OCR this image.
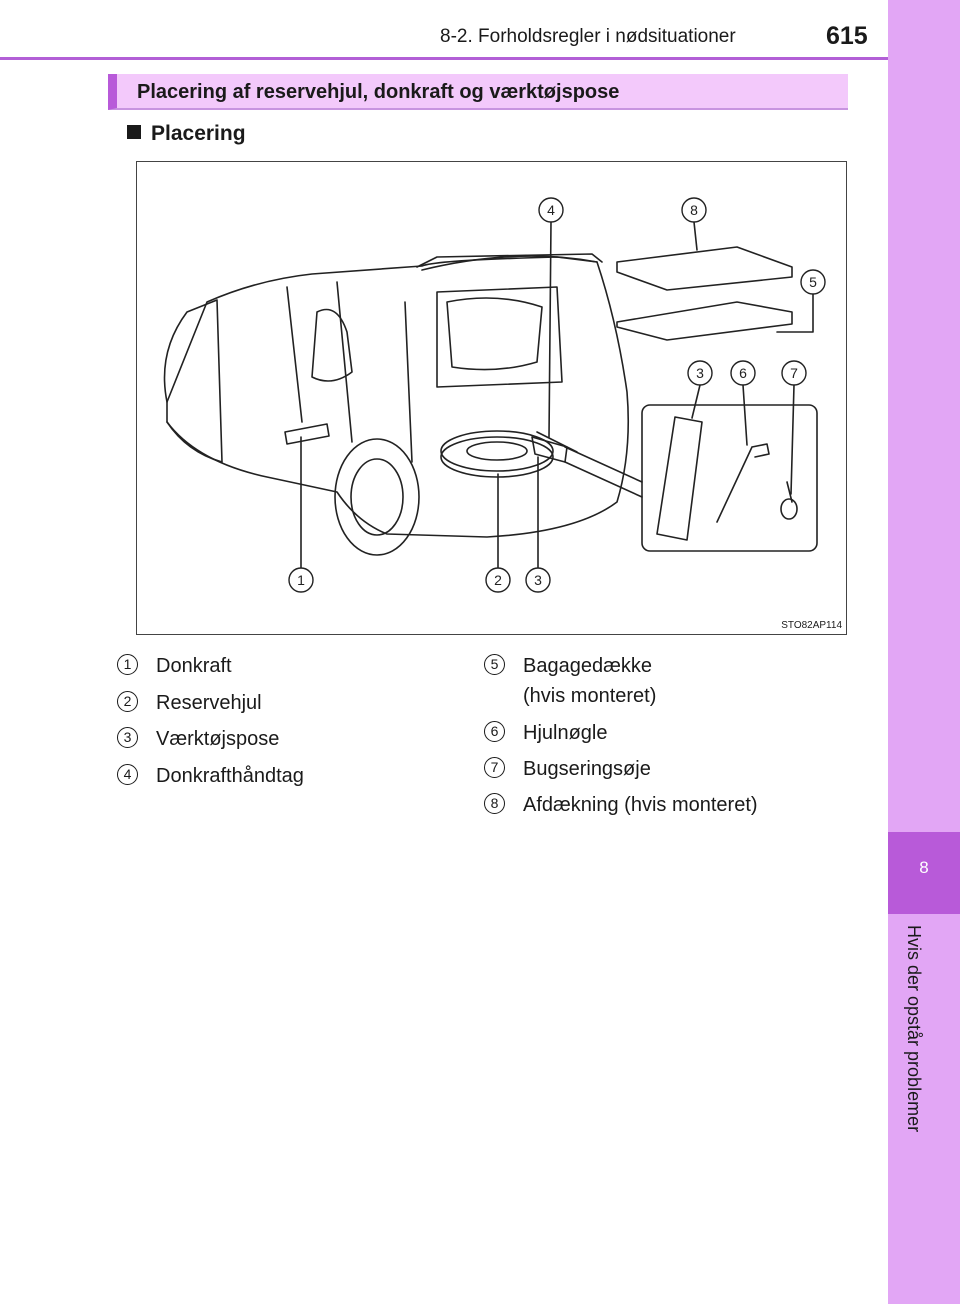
8-2. Forholdsregler i nødsituationer	615
8
Hvis der opstår problemer
Placering af reservehjul, donkraft og værktøjspose
Placering
1	2 3
4
3	6	7
8
5
STO82AP114
1	Donkraft
2	Reservehjul
3	Værktøjspose
4	Donkrafthåndtag
5	Bagagedække
(hvis monteret)
6	Hjulnøgle
7	Bugseringsøje
8	Afdækning (hvis monteret)
